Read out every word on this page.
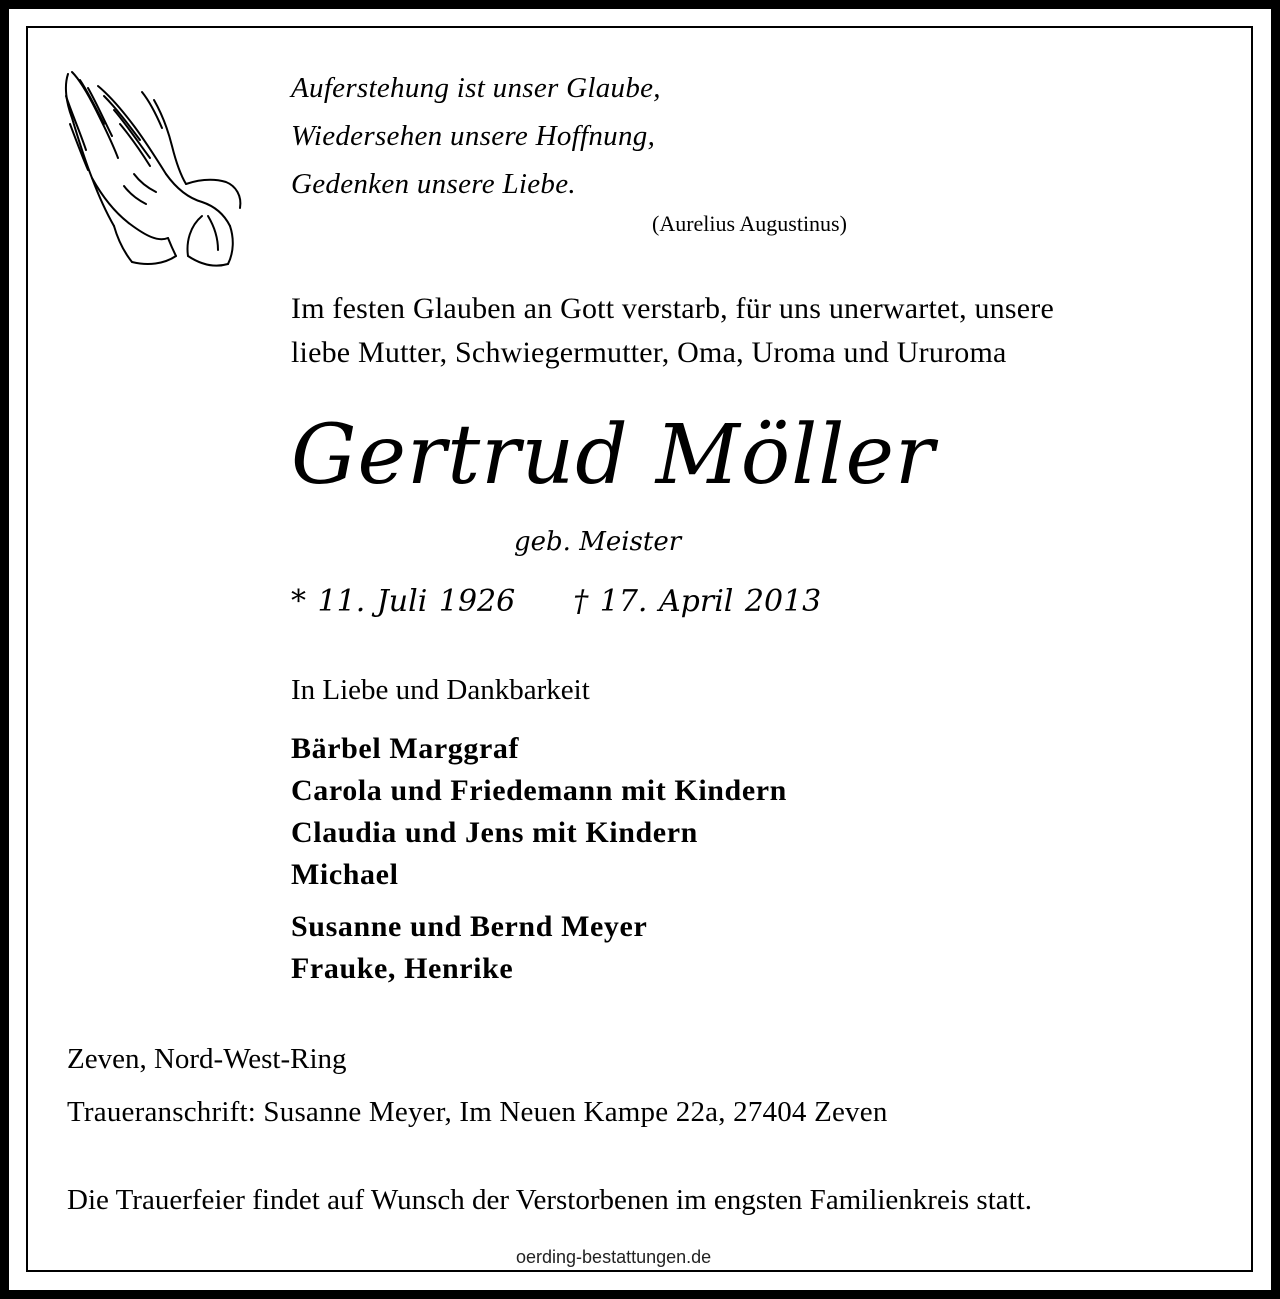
Auferstehung ist unser Glaube,
Wiedersehen unsere Hoffnung,
Gedenken unsere Liebe.
(Aurelius Augustinus)
Im festen Glauben an Gott verstarb, für uns unerwartet, unsere
liebe Mutter, Schwiegermutter, Oma, Uroma und Ururoma
Gertrud Möller
geb. Meister
* 11. Juli 1926 † 17. April 2013
In Liebe und Dankbarkeit
Bärbel Marggraf
Carola und Friedemann mit Kindern
Claudia und Jens mit Kindern
Michael
Susanne und Bernd Meyer
Frauke, Henrike
Zeven, Nord-West-Ring
Traueranschrift: Susanne Meyer, Im Neuen Kampe 22a, 27404 Zeven
Die Trauerfeier findet auf Wunsch der Verstorbenen im engsten Familienkreis statt.
oerding-bestattungen.de
